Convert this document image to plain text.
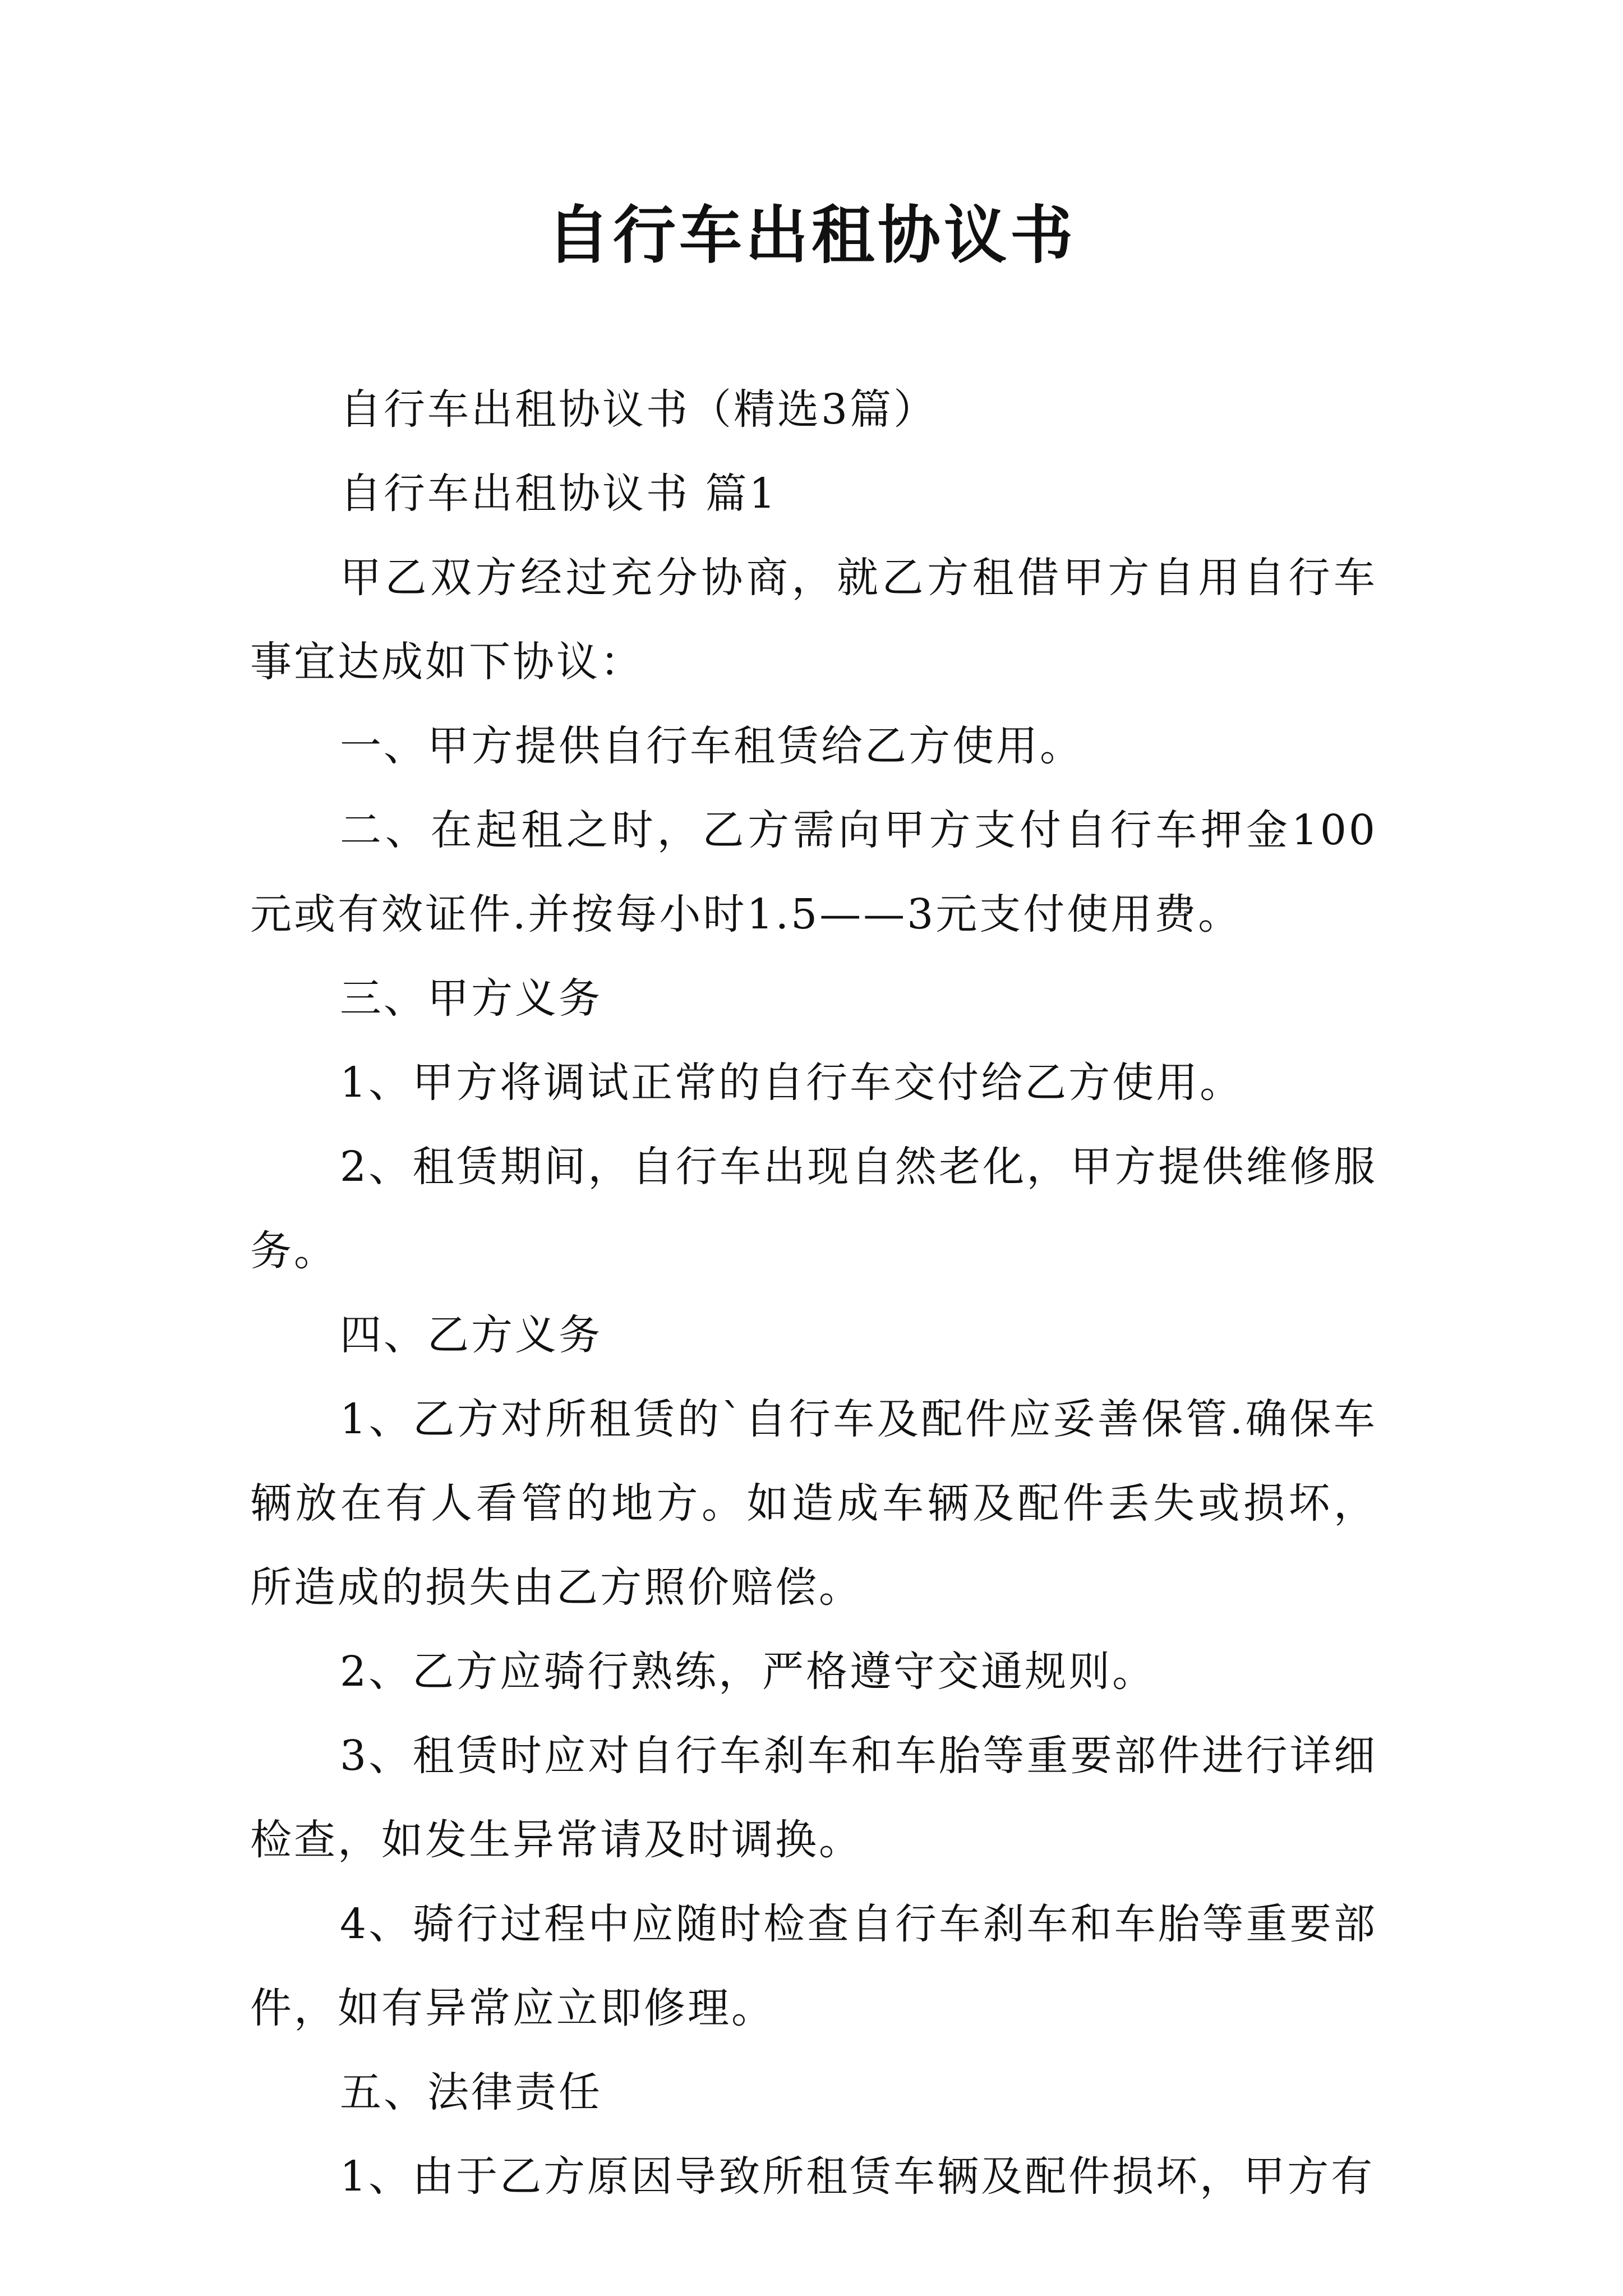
自行车出租协议书

自行车出租协议书（精选3篇）

自行车出租协议书 篇1

甲乙双方经过充分协商，就乙方租借甲方自用自行车事宜达成如下协议：

一、甲方提供自行车租赁给乙方使用。

二、在起租之时，乙方需向甲方支付自行车押金100元或有效证件.并按每小时1.5——3元支付使用费。

三、甲方义务

1、甲方将调试正常的自行车交付给乙方使用。

2、租赁期间，自行车出现自然老化，甲方提供维修服务。

四、乙方义务

1、乙方对所租赁的`自行车及配件应妥善保管.确保车辆放在有人看管的地方。如造成车辆及配件丢失或损坏，所造成的损失由乙方照价赔偿。

2、乙方应骑行熟练，严格遵守交通规则。

3、租赁时应对自行车刹车和车胎等重要部件进行详细检查，如发生异常请及时调换。

4、骑行过程中应随时检查自行车刹车和车胎等重要部件，如有异常应立即修理。

五、法律责任

1、由于乙方原因导致所租赁车辆及配件损坏，甲方有
